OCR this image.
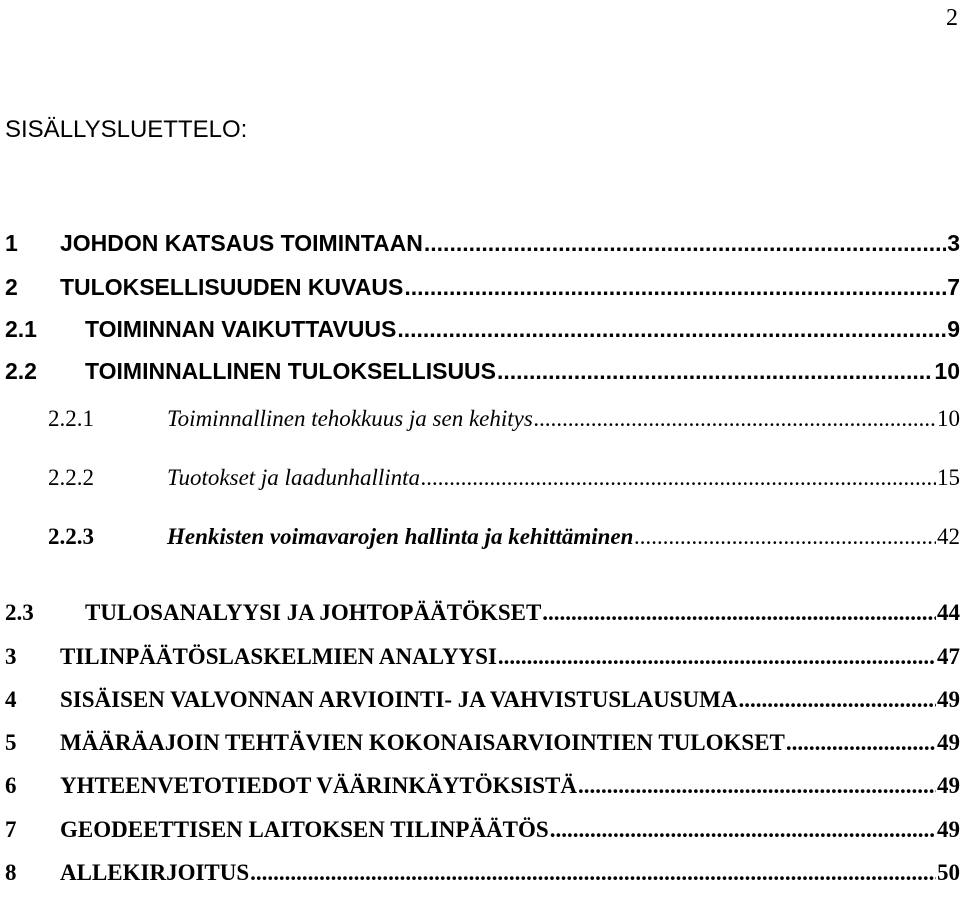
2
SISÄLLYSLUETTELO:
1	JOHDON KATSAUS TOIMINTAAN .....	3
2	TULOKSELLISUUDEN KUVAUS .....	7
2.1	TOIMINNAN VAIKUTTAVUUS .....	9
2.2	TOIMINNALLINEN TULOKSELLISUUS .....	10
2.2.1	Toiminnallinen tehokkuus ja sen kehitys .....	10
2.2.2	Tuotokset ja laadunhallinta .....	15
2.2.3	Henkisten voimavarojen hallinta ja kehittäminen .....	42
2.3	TULOSANALYYSI JA JOHTOPÄÄTÖKSET .....	44
3	TILINPÄÄTÖSLASKELMIEN ANALYYSI .....	47
4	SISÄISEN VALVONNAN ARVIOINTI- JA VAHVISTUSLAUSUMA .....	49
5	MÄÄRÄAJOIN TEHTÄVIEN KOKONAISARVIOINTIEN TULOKSET .....	49
6	YHTEENVETOTIEDOT VÄÄRINKÄYTÖKSISTÄ .....	49
7	GEODEETTISEN LAITOKSEN TILINPÄÄTÖS .....	49
8	ALLEKIRJOITUS .....	50
